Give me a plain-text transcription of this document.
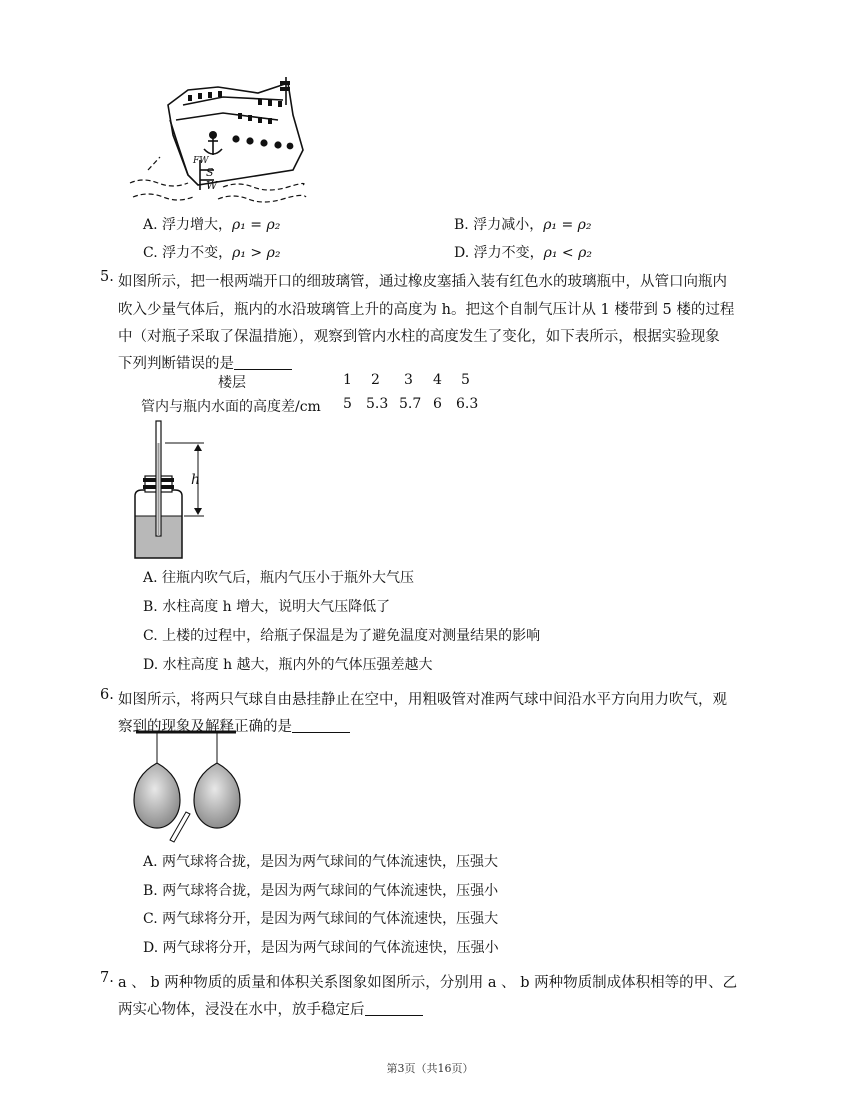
FW
S
W
A. 浮力增大，ρ₁ = ρ₂	B. 浮力减小，ρ₁ = ρ₂
C. 浮力不变，ρ₁ > ρ₂	D. 浮力不变，ρ₁ < ρ₂
5. 如图所示，把一根两端开口的细玻璃管，通过橡皮塞插入装有红色水的玻璃瓶中，从管口向瓶内
吹入少量气体后，瓶内的水沿玻璃管上升的高度为 h。把这个自制气压计从 1 楼带到 5 楼的过程
中（对瓶子采取了保温措施），观察到管内水柱的高度发生了变化，如下表所示，根据实验现象
下列判断错误的是
楼层	1 2 3 4 5
管内与瓶内水面的高度差/cm 5 5.3 5.7 6 6.3
h
A. 往瓶内吹气后，瓶内气压小于瓶外大气压
B. 水柱高度 h 增大，说明大气压降低了
C. 上楼的过程中，给瓶子保温是为了避免温度对测量结果的影响
D. 水柱高度 h 越大，瓶内外的气体压强差越大
6. 如图所示，将两只气球自由悬挂静止在空中，用粗吸管对准两气球中间沿水平方向用力吹气，观
察到的现象及解释正确的是
A. 两气球将合拢，是因为两气球间的气体流速快，压强大
B. 两气球将合拢，是因为两气球间的气体流速快，压强小
C. 两气球将分开，是因为两气球间的气体流速快，压强大
D. 两气球将分开，是因为两气球间的气体流速快，压强小
7. a 、 b 两种物质的质量和体积关系图象如图所示，分别用 a 、 b 两种物质制成体积相等的甲、乙
两实心物体，浸没在水中，放手稳定后
第3页（共16页）
